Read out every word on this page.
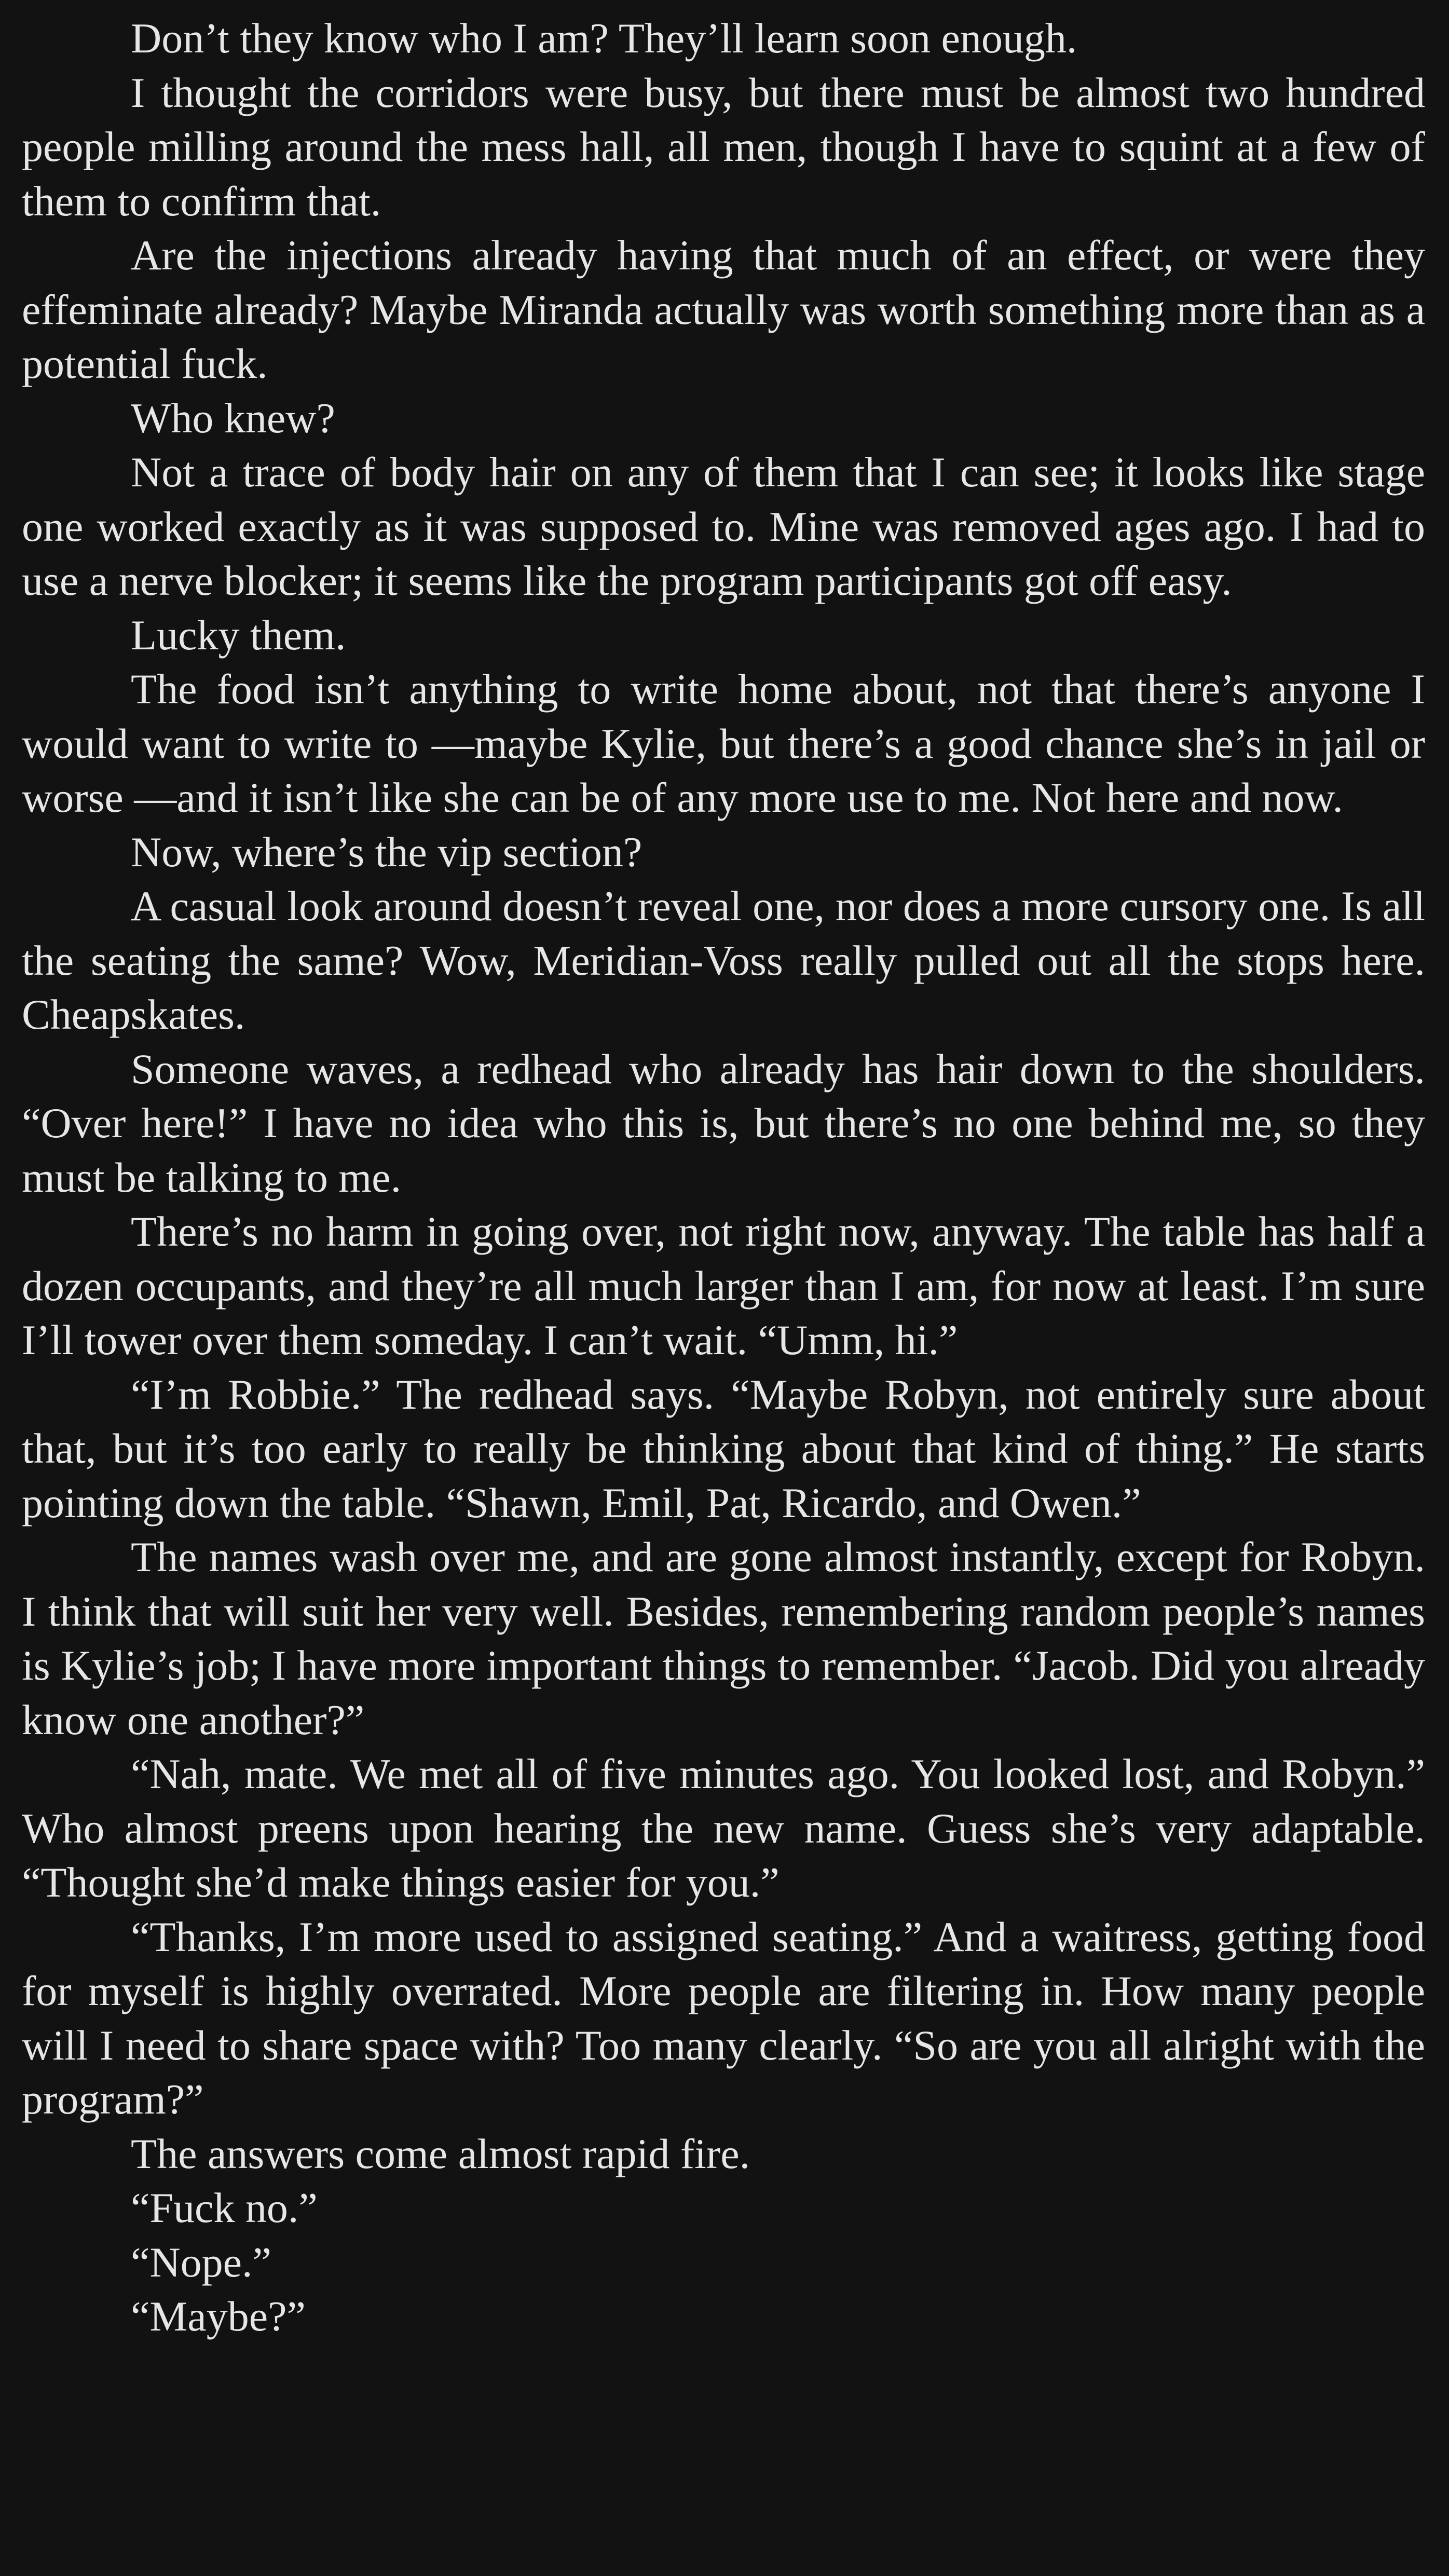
Don’t they know who I am? They’ll learn soon enough.

I thought the corridors were busy, but there must be almost two hundred people milling around the mess hall, all men, though I have to squint at a few of them to confirm that.

Are the injections already having that much of an effect, or were they effeminate already? Maybe Miranda actually was worth something more than as a potential fuck.

Who knew?

Not a trace of body hair on any of them that I can see; it looks like stage one worked exactly as it was supposed to. Mine was removed ages ago. I had to use a nerve blocker; it seems like the program participants got off easy.

Lucky them.

The food isn’t anything to write home about, not that there’s anyone I would want to write to —maybe Kylie, but there’s a good chance she’s in jail or worse —and it isn’t like she can be of any more use to me. Not here and now.

Now, where’s the vip section?

A casual look around doesn’t reveal one, nor does a more cursory one. Is all the seating the same? Wow, Meridian-Voss really pulled out all the stops here. Cheapskates.

Someone waves, a redhead who already has hair down to the shoulders. “Over here!” I have no idea who this is, but there’s no one behind me, so they must be talking to me.

There’s no harm in going over, not right now, anyway. The table has half a dozen occupants, and they’re all much larger than I am, for now at least. I’m sure I’ll tower over them someday. I can’t wait. “Umm, hi.”

“I’m Robbie.” The redhead says. “Maybe Robyn, not entirely sure about that, but it’s too early to really be thinking about that kind of thing.” He starts pointing down the table. “Shawn, Emil, Pat, Ricardo, and Owen.”

The names wash over me, and are gone almost instantly, except for Robyn. I think that will suit her very well. Besides, remembering random people’s names is Kylie’s job; I have more important things to remember. “Jacob. Did you already know one another?”

“Nah, mate. We met all of five minutes ago. You looked lost, and Robyn.” Who almost preens upon hearing the new name. Guess she’s very adaptable. “Thought she’d make things easier for you.”

“Thanks, I’m more used to assigned seating.” And a waitress, getting food for myself is highly overrated. More people are filtering in. How many people will I need to share space with? Too many clearly. “So are you all alright with the program?”

The answers come almost rapid fire.

“Fuck no.”

“Nope.”

“Maybe?”
